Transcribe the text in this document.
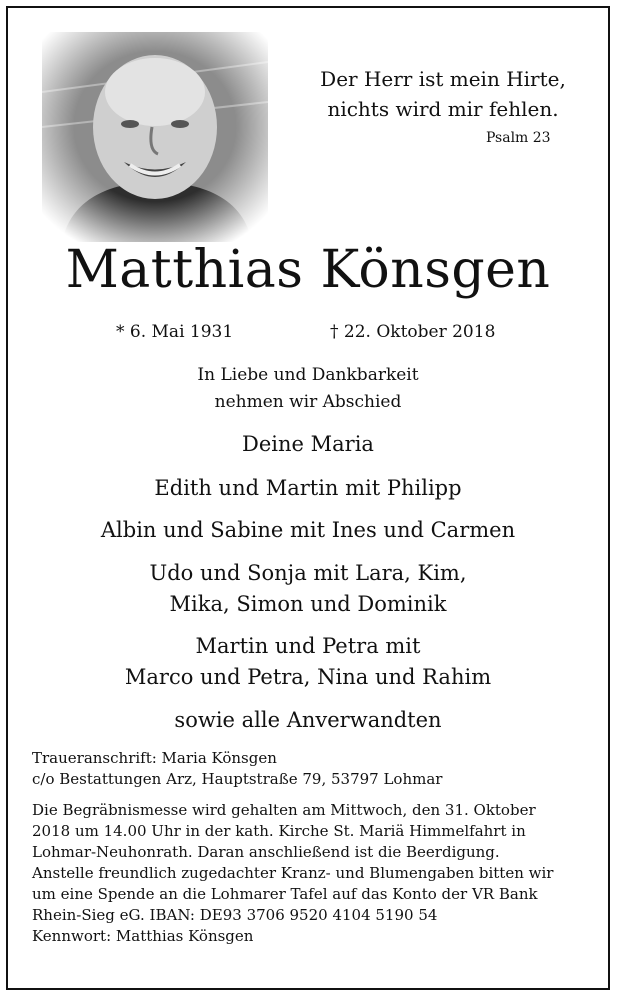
Der Herr ist mein Hirte,
nichts wird mir fehlen.
Psalm 23
Matthias Könsgen
* 6. Mai 1931	† 22. Oktober 2018
In Liebe und Dankbarkeit
nehmen wir Abschied
Deine Maria
Edith und Martin mit Philipp
Albin und Sabine mit Ines und Carmen
Udo und Sonja mit Lara, Kim,
Mika, Simon und Dominik
Martin und Petra mit
Marco und Petra, Nina und Rahim
sowie alle Anverwandten
Traueranschrift: Maria Könsgen
c/o Bestattungen Arz, Hauptstraße 79, 53797 Lohmar
Die Begräbnismesse wird gehalten am Mittwoch, den 31. Oktober
2018 um 14.00 Uhr in der kath. Kirche St. Mariä Himmelfahrt in
Lohmar-Neuhonrath. Daran anschließend ist die Beerdigung.
Anstelle freundlich zugedachter Kranz- und Blumengaben bitten wir
um eine Spende an die Lohmarer Tafel auf das Konto der VR Bank
Rhein-Sieg eG. IBAN: DE93 3706 9520 4104 5190 54
Kennwort: Matthias Könsgen
